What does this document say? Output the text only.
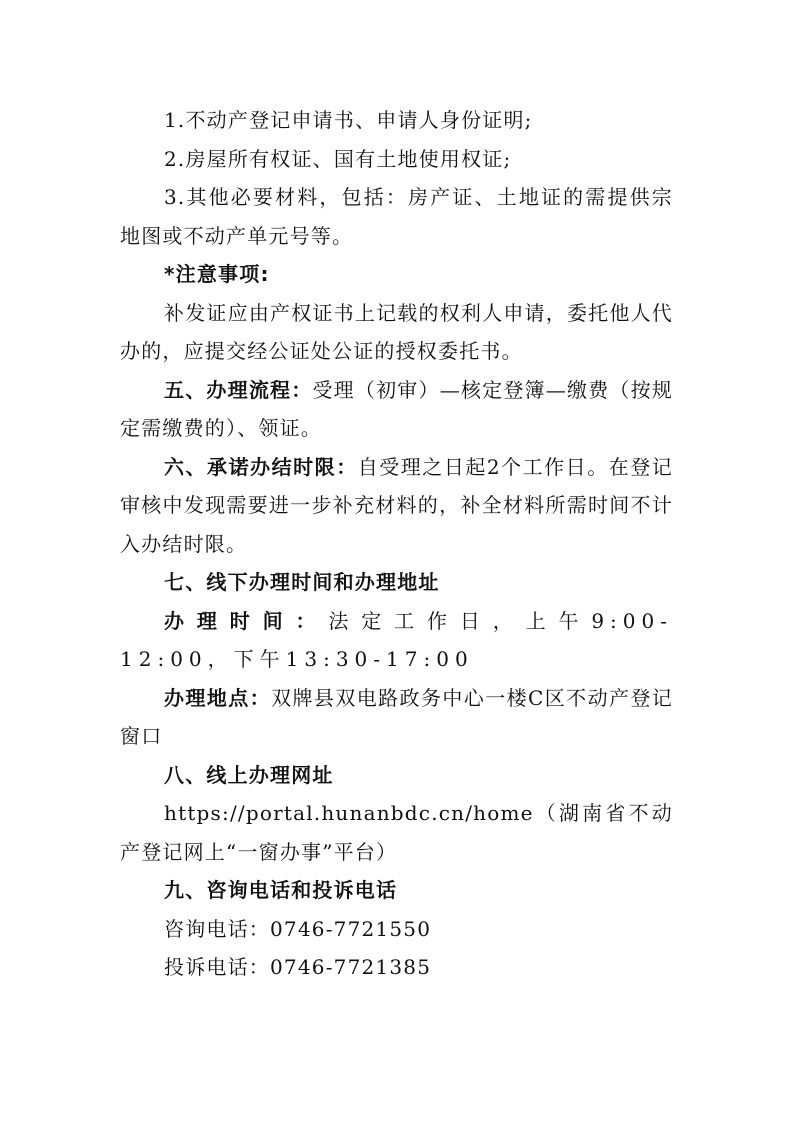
1.不动产登记申请书、申请人身份证明;

2.房屋所有权证、国有土地使用权证;

3.其他必要材料，包括：房产证、土地证的需提供宗地图或不动产单元号等。

*注意事项:

补发证应由产权证书上记载的权利人申请，委托他人代办的，应提交经公证处公证的授权委托书。

五、办理流程：受理（初审）—核定登簿—缴费（按规定需缴费的）、领证。

六、承诺办结时限：自受理之日起2个工作日。在登记审核中发现需要进一步补充材料的，补全材料所需时间不计入办结时限。

七、线下办理时间和办理地址

办理时间：法定工作日，上午9:00-12:00，下午13:30-17:00

办理地点：双牌县双电路政务中心一楼C区不动产登记窗口

八、线上办理网址

https://portal.hunanbdc.cn/home（湖南省不动产登记网上“一窗办事”平台）

九、咨询电话和投诉电话

咨询电话：0746-7721550

投诉电话：0746-7721385
